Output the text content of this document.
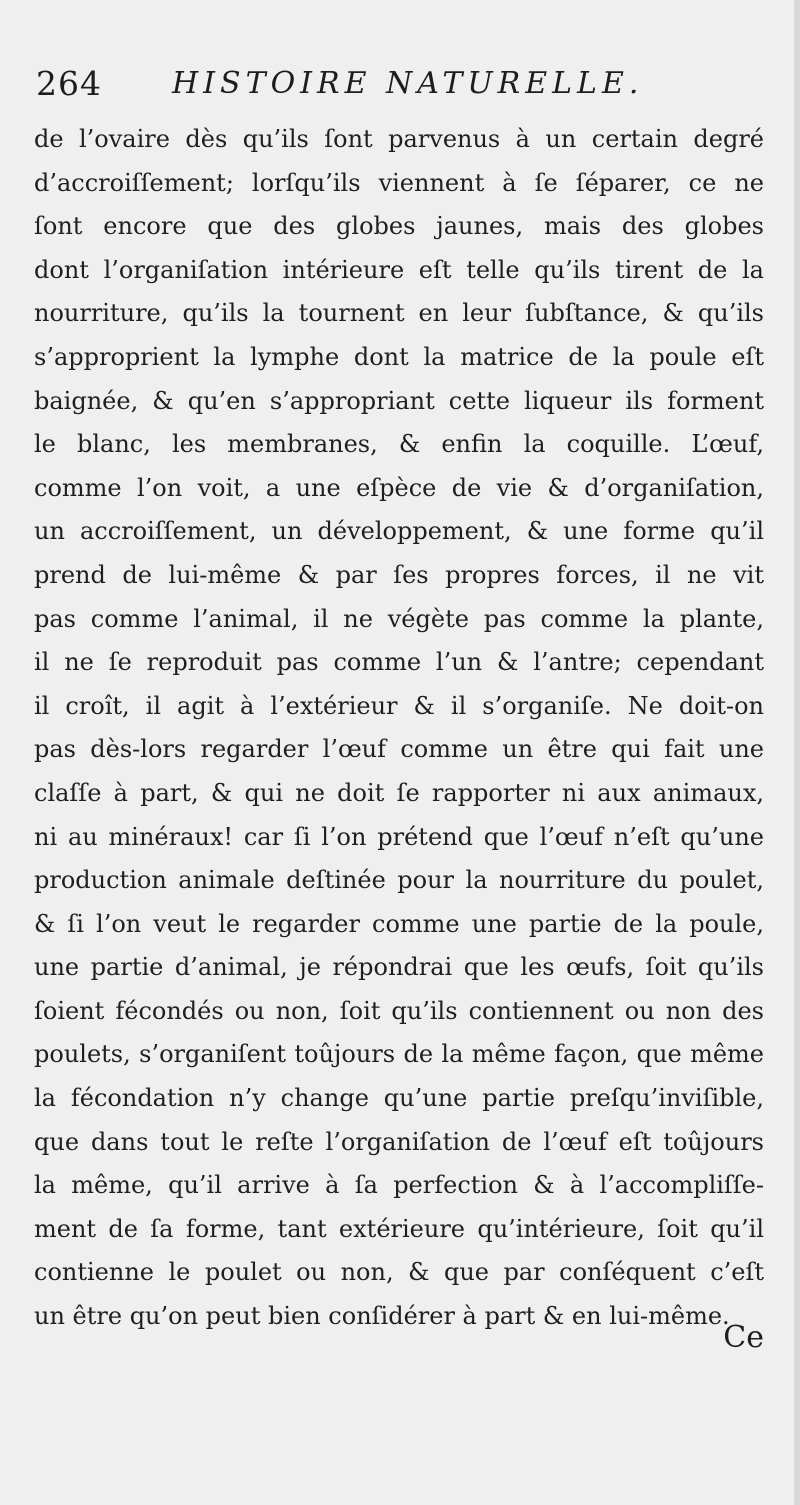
264 HISTOIRE NATURELLE.
de l’ovaire dès qu’ils ſont parvenus à un certain degré
d’accroiſſement; lorſqu’ils viennent à ſe ſéparer, ce ne
ſont encore que des globes jaunes, mais des globes
dont l’organiſation intérieure eſt telle qu’ils tirent de la
nourriture, qu’ils la tournent en leur ſubſtance, & qu’ils
s’approprient la lymphe dont la matrice de la poule eſt
baignée, & qu’en s’appropriant cette liqueur ils forment
le blanc, les membranes, & enfin la coquille. L’œuf,
comme l’on voit, a une eſpèce de vie & d’organiſation,
un accroiſſement, un développement, & une forme qu’il
prend de lui-même & par ſes propres forces, il ne vit
pas comme l’animal, il ne végète pas comme la plante,
il ne ſe reproduit pas comme l’un & l’antre; cependant
il croît, il agit à l’extérieur & il s’organiſe. Ne doit-on
pas dès-lors regarder l’œuf comme un être qui fait une
claſſe à part, & qui ne doit ſe rapporter ni aux animaux,
ni au minéraux! car ſi l’on prétend que l’œuf n’eſt qu’une
production animale deſtinée pour la nourriture du poulet,
& ſi l’on veut le regarder comme une partie de la poule,
une partie d’animal, je répondrai que les œufs, ſoit qu’ils
ſoient fécondés ou non, ſoit qu’ils contiennent ou non des
poulets, s’organiſent toûjours de la même façon, que même
la fécondation n’y change qu’une partie preſqu’inviſible,
que dans tout le reſte l’organiſation de l’œuf eſt toûjours
la même, qu’il arrive à ſa perfection & à l’accompliſſe-
ment de ſa forme, tant extérieure qu’intérieure, ſoit qu’il
contienne le poulet ou non, & que par conſéquent c’eſt
un être qu’on peut bien conſidérer à part & en lui-même.
Ce
